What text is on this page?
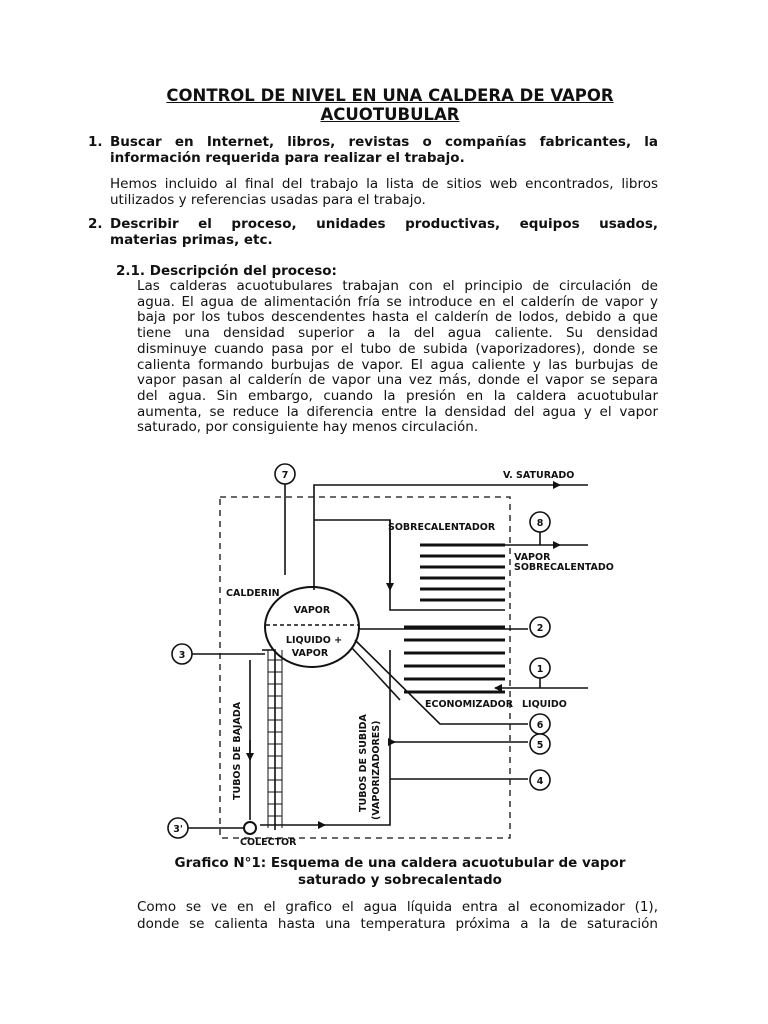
CONTROL DE NIVEL EN UNA CALDERA DE VAPOR
ACUOTUBULAR
1. Buscar en Internet, libros, revistas o compañías fabricantes, la
información requerida para realizar el trabajo.
Hemos incluido al final del trabajo la lista de sitios web encontrados, libros
utilizados y referencias usadas para el trabajo.
2. Describir el proceso, unidades productivas, equipos usados,
materias primas, etc.
2.1. Descripción del proceso:
Las calderas acuotubulares trabajan con el principio de circulación de
agua. El agua de alimentación fría se introduce en el calderín de vapor y
baja por los tubos descendentes hasta el calderín de lodos, debido a que
tiene una densidad superior a la del agua caliente. Su densidad
disminuye cuando pasa por el tubo de subida (vaporizadores), donde se
calienta formando burbujas de vapor. El agua caliente y las burbujas de
vapor pasan al calderín de vapor una vez más, donde el vapor se separa
del agua. Sin embargo, cuando la presión en la caldera acuotubular
aumenta, se reduce la diferencia entre la densidad del agua y el vapor
saturado, por consiguiente hay menos circulación.
7
8
2
3
1
6
5
4
3'
V. SATURADO
SOBRECALENTADOR
VAPOR
SOBRECALENTADO
CALDERIN
VAPOR
LIQUIDO +
VAPOR
ECONOMIZADOR LIQUIDO
TUBOS DE BAJADA	TUBOS DE SUBIDA (VAPORIZADORES)
COLECTOR
Grafico N°1: Esquema de una caldera acuotubular de vapor
saturado y sobrecalentado
Como se ve en el grafico el agua líquida entra al economizador (1),
donde se calienta hasta una temperatura próxima a la de saturación
